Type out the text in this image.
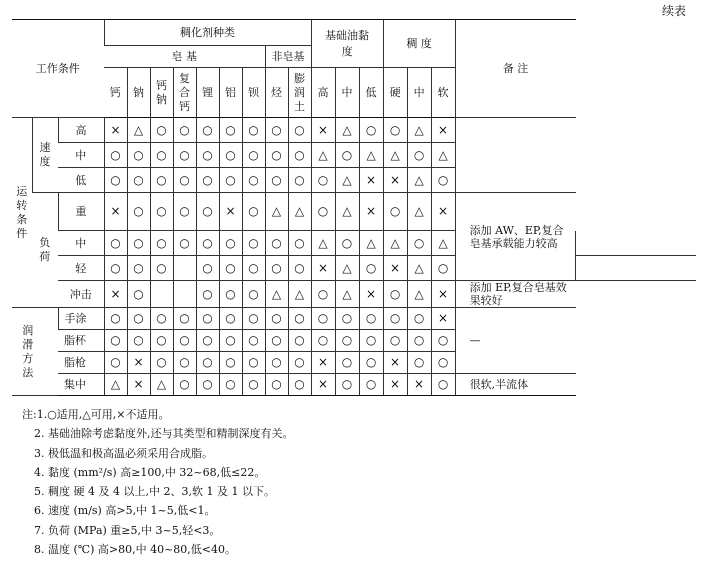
续表
工作条件			稠化剂种类									基础油黏度			稠 度			备 注	
			皂 基							非皂基									
			钙	钠	钙钠	复合钙	锂	铝	钡	烃	膨润土	高	中	低	硬	中	软		
运转条件	速度	高	×	△	○	○	○	○	○	○	○	×	△	○	○	△	×		
		中	○	○	○	○	○	○	○	○	○	△	○	△	△	○	△		
		低	○	○	○	○	○	○	○	○	○	○	△	×	×	△	○		
	负荷	重	×	○	○	○	○	×	○	△	△	○	△	×	○	△	×	添加 AW、EP,复合皂基承载能力较高	
		中	○	○	○	○	○	○	○	○	○	△	○	△	△	○	△		
		轻	○	○	○		○	○	○	○	○	×	△	○	×	△	○		
		冲击	×	○			○	○	○	△	△	○	△	×	○	△	×	添加 EP,复合皂基效果较好	
润滑方法		手涂	○	○	○	○	○	○	○	○	○	○	○	○	○	○	×	—	
		脂杯	○	○	○	○	○	○	○	○	○	○	○	○	○	○	○		
		脂枪	○	×	○	○	○	○	○	○	○	×	○	○	×	○	○		
		集中	△	×	△	○	○	○	○	○	○	×	○	○	×	×	○	很软,半流体	
注:1.○适用,△可用,×不适用。
2. 基础油除考虑黏度外,还与其类型和精制深度有关。
3. 极低温和极高温必须采用合成脂。
4. 黏度 (mm²/s) 高≥100,中 32~68,低≤22。
5. 稠度 硬 4 及 4 以上,中 2、3,软 1 及 1 以下。
6. 速度 (m/s) 高>5,中 1~5,低<1。
7. 负荷 (MPa) 重≥5,中 3~5,轻<3。
8. 温度 (℃) 高>80,中 40~80,低<40。
